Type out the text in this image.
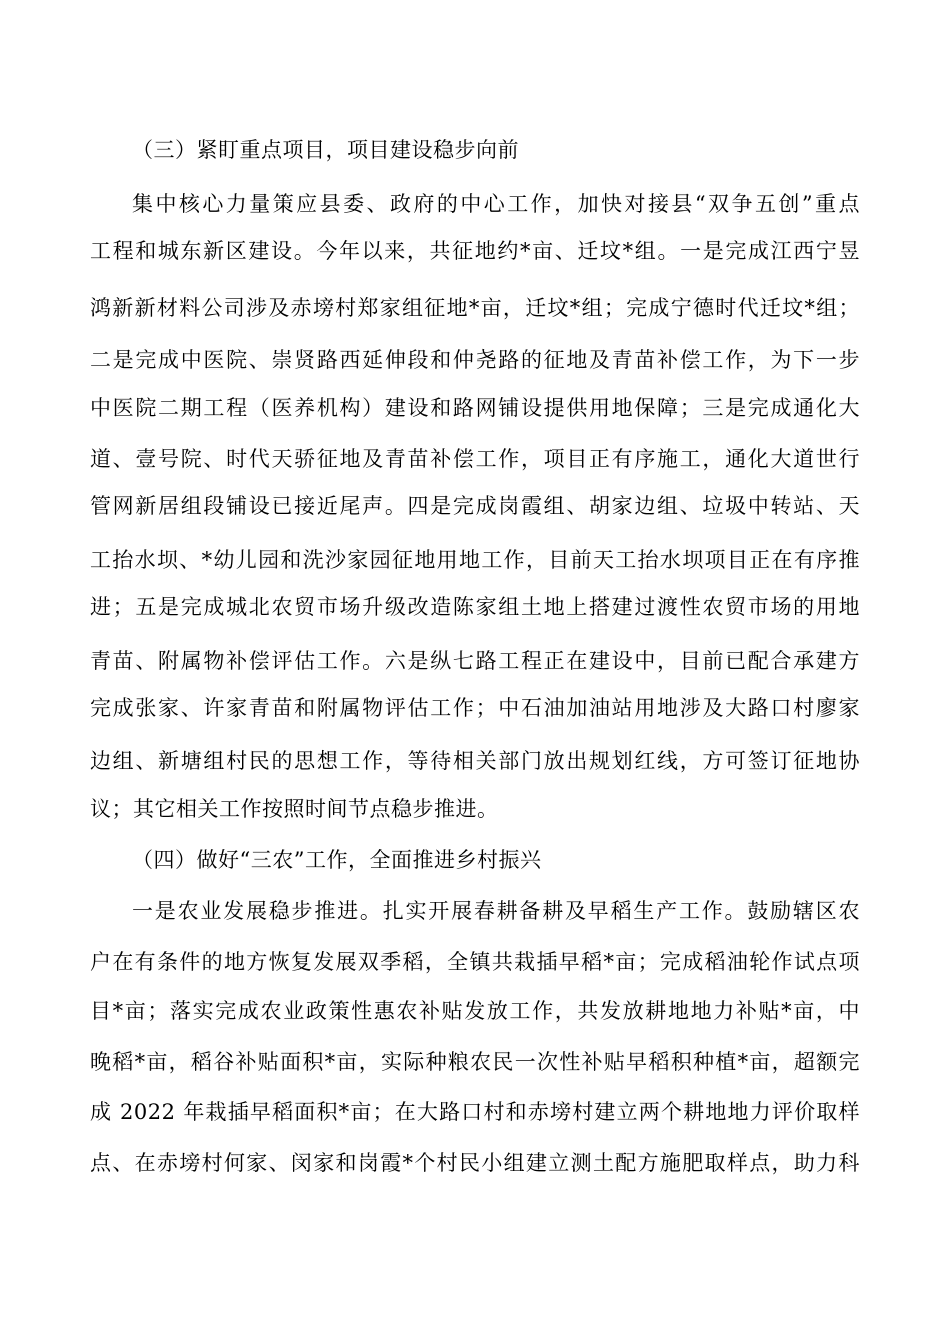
（三）紧盯重点项目，项目建设稳步向前
集中核心力量策应县委、政府的中心工作，加快对接县“双争五创”重点
工程和城东新区建设。今年以来，共征地约*亩、迁坟*组。一是完成江西宁昱
鸿新新材料公司涉及赤塝村郑家组征地*亩，迁坟*组；完成宁德时代迁坟*组；
二是完成中医院、崇贤路西延伸段和仲尧路的征地及青苗补偿工作，为下一步
中医院二期工程（医养机构）建设和路网铺设提供用地保障；三是完成通化大
道、壹号院、时代天骄征地及青苗补偿工作，项目正有序施工，通化大道世行
管网新居组段铺设已接近尾声。四是完成岗霞组、胡家边组、垃圾中转站、天
工抬水坝、*幼儿园和洗沙家园征地用地工作，目前天工抬水坝项目正在有序推
进；五是完成城北农贸市场升级改造陈家组土地上搭建过渡性农贸市场的用地
青苗、附属物补偿评估工作。六是纵七路工程正在建设中，目前已配合承建方
完成张家、许家青苗和附属物评估工作；中石油加油站用地涉及大路口村廖家
边组、新塘组村民的思想工作，等待相关部门放出规划红线，方可签订征地协
议；其它相关工作按照时间节点稳步推进。
（四）做好“三农”工作，全面推进乡村振兴
一是农业发展稳步推进。扎实开展春耕备耕及早稻生产工作。鼓励辖区农
户在有条件的地方恢复发展双季稻，全镇共栽插早稻*亩；完成稻油轮作试点项
目*亩；落实完成农业政策性惠农补贴发放工作，共发放耕地地力补贴*亩，中
晚稻*亩，稻谷补贴面积*亩，实际种粮农民一次性补贴早稻积种植*亩，超额完
成 2022 年栽插早稻面积*亩；在大路口村和赤塝村建立两个耕地地力评价取样
点、在赤塝村何家、闵家和岗霞*个村民小组建立测土配方施肥取样点，助力科
